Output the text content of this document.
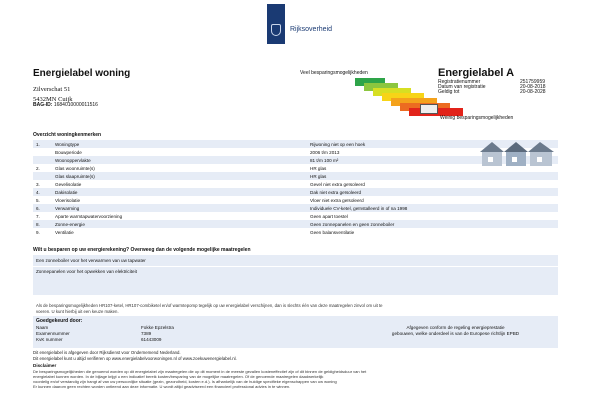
Rijksoverheid
Energielabel woning
Zilverschat 51
5432MN Cuijk
BAG-ID: 1684010000011516
Veel besparingsmogelijkheden
Weinig besparingsmogelijkheden
Energielabel A
Registratienummer	251759959
Datum van registratie	20-08-2018
Geldig tot	20-08-2028
Overzicht woningkenmerken
1.	Woningtype	Rijwoning niet op een hoek
Bouwperiode	2006 t/m 2013
Woonoppervlakte	81 t/m 100 m²
2.	Glas woonruimte(s)	HR glas
Glas slaapruimte(s)	HR glas
3.	Gevelisolatie	Gevel niet extra geïsoleerd
4.	Dakisolatie	Dak niet extra geïsoleerd
5.	Vloerisolatie	Vloer niet extra geïsoleerd
6.	Verwarming	Individuele CV-ketel, geïnstalleerd in of na 1998
7.	Aparte warmtapwatervoorziening	Geen apart toestel
8.	Zonne-energie	Geen zonnepanelen en geen zonneboiler
9.	Ventilatie	Geen balansventilatie
Wilt u besparen op uw energierekening? Overweeg dan de volgende mogelijke maatregelen
Een zonneboiler voor het verwarmen van uw tapwater
Zonnepanelen voor het opwekken van elektriciteit
Als de besparingsmogelijkheden HR107-ketel, HR107-combiketel en/of warmtepomp tegelijk op uw energielabel verschijnen, dan is slechts één van deze maatregelen zinvol om uit te
voeren. U kunt hierbij uit een keuze maken.
Goedgekeurd door:
Naam	Fokke Epzelstra
Examennummer	7389
KvK nummer	61443009
Afgegeven conform de regeling energieprestatie
gebouwen, welke onderdeel is van de Europese richtlijn EPBD
Dit energielabel is afgegeven door Rijksdienst voor Ondernemend Nederland.
Dit energielabel kunt u altijd verifiëren op www.energielabelvoorwoningen.nl of www.zoekuwenergielabel.nl.
Disclaimer
De besparingsmogelijkheden die genoemd worden op dit energielabel zijn maatregelen die op dit moment in de meeste gevallen kosteneffectief zijn of dit binnen de geldigheidsduur van het
energielabel kunnen worden. In de bijlage krijgt u een indicatief bereik kosten/besparing van de mogelijke maatregelen. Of de genoemde maatregelen daadwerkelijk
voordelig en/of verstandig zijn hangt af van uw persoonlijke situatie (gezin, gezondheid, kosten e.d.). Is afhankelijk van de huidige specifieke eigenschappen van uw woning
Er kunnen daarom geen rechten worden ontleend aan deze informatie. U wordt altijd geadviseerd een financieel professional advies in te winnen.
